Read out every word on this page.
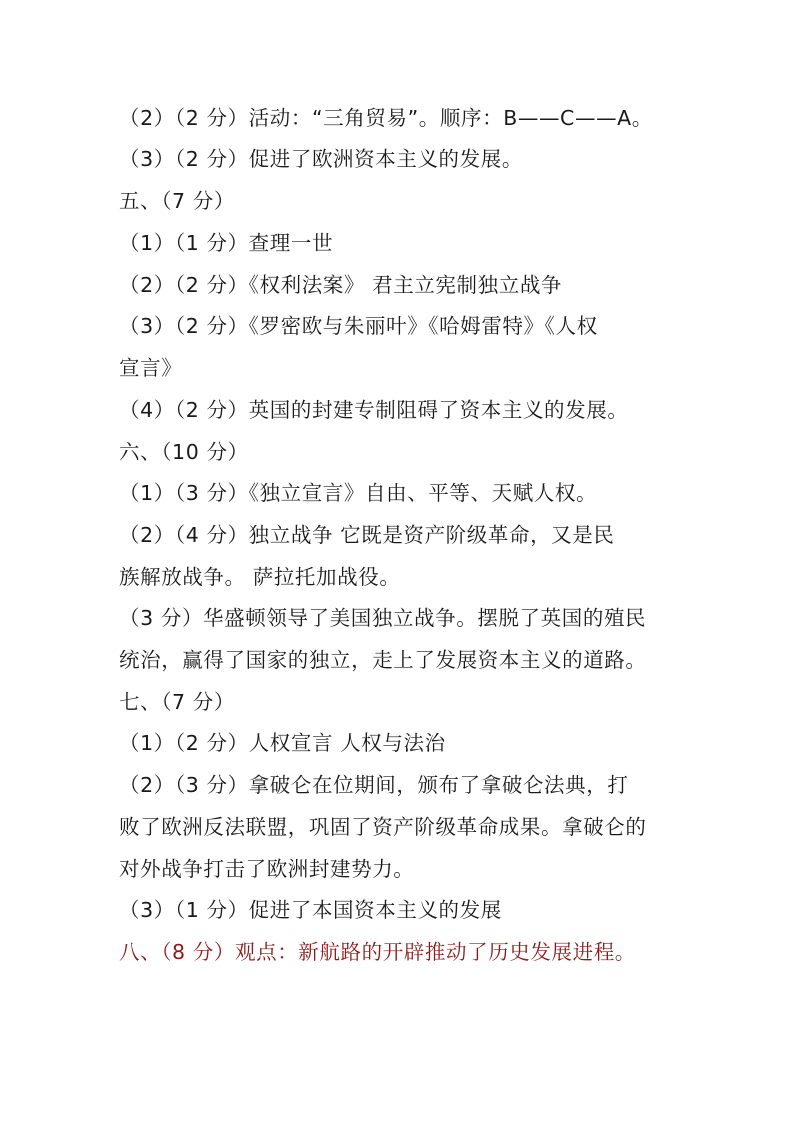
（2）（2 分）活动：“三角贸易”。顺序：B——C——A。
（3）（2 分）促进了欧洲资本主义的发展。
五、（7 分）
（1）（1 分）查理一世
（2）（2 分）《权利法案》 君主立宪制独立战争
（3）（2 分）《罗密欧与朱丽叶》《哈姆雷特》《人权
宣言》
（4）（2 分）英国的封建专制阻碍了资本主义的发展。
六、（10 分）
（1）（3 分）《独立宣言》自由、平等、天赋人权。
（2）（4 分）独立战争 它既是资产阶级革命，又是民
族解放战争。 萨拉托加战役。
（3 分）华盛顿领导了美国独立战争。摆脱了英国的殖民
统治，赢得了国家的独立，走上了发展资本主义的道路。
七、（7 分）
（1）（2 分）人权宣言 人权与法治
（2）（3 分）拿破仑在位期间，颁布了拿破仑法典，打
败了欧洲反法联盟，巩固了资产阶级革命成果。拿破仑的
对外战争打击了欧洲封建势力。
（3）（1 分）促进了本国资本主义的发展
八、（8 分）观点：新航路的开辟推动了历史发展进程。
